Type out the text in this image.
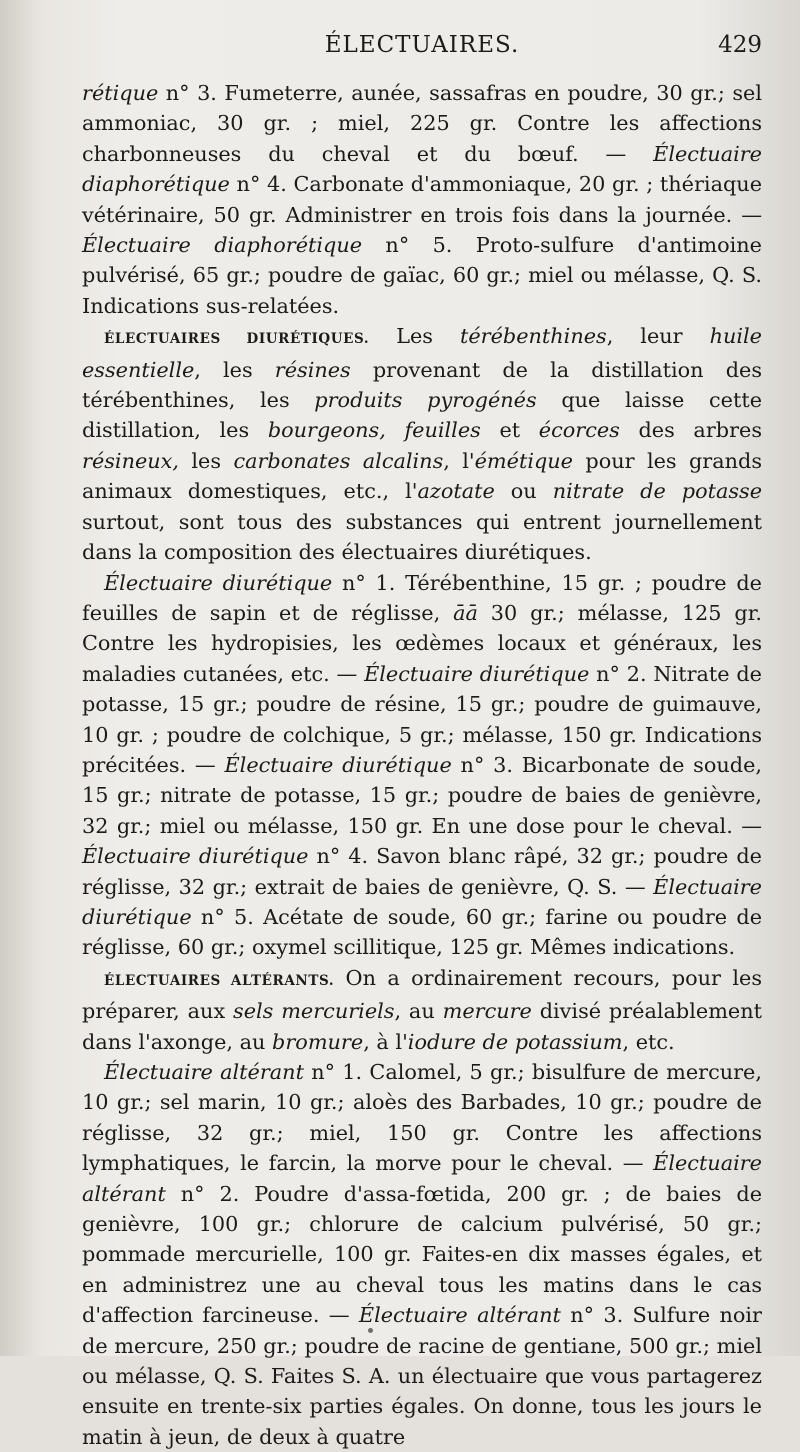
ÉLECTUAIRES.	429

rétique n° 3. Fumeterre, aunée, sassafras en poudre, 30 gr.; sel ammoniac, 30 gr. ; miel, 225 gr. Contre les affections charbonneuses du cheval et du bœuf. — Électuaire diaphorétique n° 4. Carbonate d'ammoniaque, 20 gr. ; thériaque vétérinaire, 50 gr. Administrer en trois fois dans la journée. — Électuaire diaphorétique n° 5. Proto-sulfure d'antimoine pulvérisé, 65 gr.; poudre de gaïac, 60 gr.; miel ou mélasse, Q. S. Indications sus-relatées.

ÉLECTUAIRES DIURÉTIQUES. Les térébenthines, leur huile essentielle, les résines provenant de la distillation des térébenthines, les produits pyrogénés que laisse cette distillation, les bourgeons, feuilles et écorces des arbres résineux, les carbonates alcalins, l'émétique pour les grands animaux domestiques, etc., l'azotate ou nitrate de potasse surtout, sont tous des substances qui entrent journellement dans la composition des électuaires diurétiques.

Électuaire diurétique n° 1. Térébenthine, 15 gr. ; poudre de feuilles de sapin et de réglisse, āā 30 gr.; mélasse, 125 gr. Contre les hydropisies, les œdèmes locaux et généraux, les maladies cutanées, etc. — Électuaire diurétique n° 2. Nitrate de potasse, 15 gr.; poudre de résine, 15 gr.; poudre de guimauve, 10 gr. ; poudre de colchique, 5 gr.; mélasse, 150 gr. Indications précitées. — Électuaire diurétique n° 3. Bicarbonate de soude, 15 gr.; nitrate de potasse, 15 gr.; poudre de baies de genièvre, 32 gr.; miel ou mélasse, 150 gr. En une dose pour le cheval. — Électuaire diurétique n° 4. Savon blanc râpé, 32 gr.; poudre de réglisse, 32 gr.; extrait de baies de genièvre, Q. S. — Électuaire diurétique n° 5. Acétate de soude, 60 gr.; farine ou poudre de réglisse, 60 gr.; oxymel scillitique, 125 gr. Mêmes indications.

ÉLECTUAIRES ALTÉRANTS. On a ordinairement recours, pour les préparer, aux sels mercuriels, au mercure divisé préalablement dans l'axonge, au bromure, à l'iodure de potassium, etc.

Électuaire altérant n° 1. Calomel, 5 gr.; bisulfure de mercure, 10 gr.; sel marin, 10 gr.; aloès des Barbades, 10 gr.; poudre de réglisse, 32 gr.; miel, 150 gr. Contre les affections lymphatiques, le farcin, la morve pour le cheval. — Électuaire altérant n° 2. Poudre d'assa-fœtida, 200 gr. ; de baies de genièvre, 100 gr.; chlorure de calcium pulvérisé, 50 gr.; pommade mercurielle, 100 gr. Faites-en dix masses égales, et en administrez une au cheval tous les matins dans le cas d'affection farcineuse. — Électuaire altérant n° 3. Sulfure noir de mercure, 250 gr.; poudre de racine de gentiane, 500 gr.; miel ou mélasse, Q. S. Faites S. A. un électuaire que vous partagerez ensuite en trente-six parties égales. On donne, tous les jours le matin à jeun, de deux à quatre
